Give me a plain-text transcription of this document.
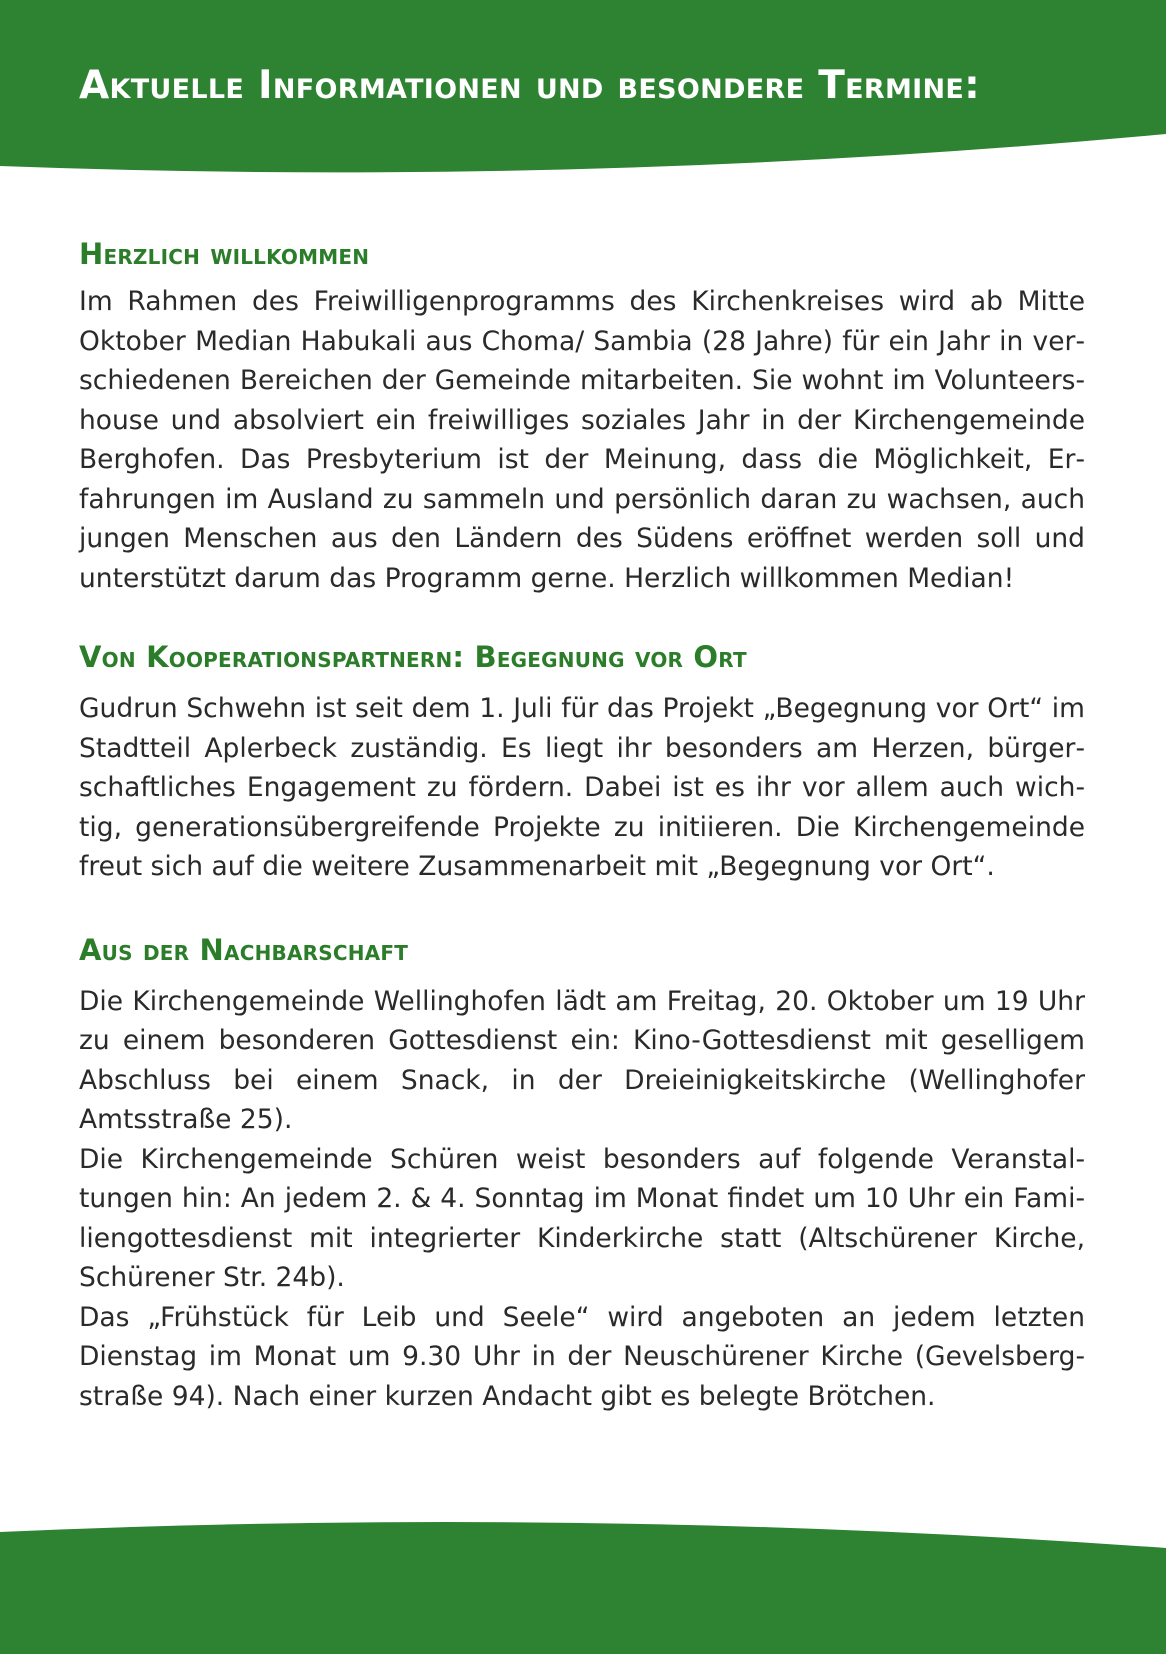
Aktuelle Informationen und besondere Termine:
Herzlich willkommen

Im Rahmen des Freiwilligenprogramms des Kirchenkreises wird ab Mitte Oktober Median Habukali aus Choma/ Sambia (28 Jahre) für ein Jahr in verschiedenen Bereichen der Gemeinde mitarbeiten. Sie wohnt im Volunteershouse und absolviert ein freiwilliges soziales Jahr in der Kirchengemeinde Berghofen. Das Presbyterium ist der Meinung, dass die Möglichkeit, Erfahrungen im Ausland zu sammeln und persönlich daran zu wachsen, auch jungen Menschen aus den Ländern des Südens eröffnet werden soll und unterstützt darum das Programm gerne. Herzlich willkommen Median!

Von Kooperationspartnern: Begegnung vor Ort

Gudrun Schwehn ist seit dem 1. Juli für das Projekt „Begegnung vor Ort“ im Stadtteil Aplerbeck zuständig. Es liegt ihr besonders am Herzen, bürgerschaftliches Engagement zu fördern. Dabei ist es ihr vor allem auch wichtig, generationsübergreifende Projekte zu initiieren. Die Kirchengemeinde freut sich auf die weitere Zusammenarbeit mit „Begegnung vor Ort“.

Aus der Nachbarschaft

Die Kirchengemeinde Wellinghofen lädt am Freitag, 20. Oktober um 19 Uhr zu einem besonderen Gottesdienst ein: Kino-Gottesdienst mit geselligem Abschluss bei einem Snack, in der Dreieinigkeitskirche (Wellinghofer Amtsstraße 25).

Die Kirchengemeinde Schüren weist besonders auf folgende Veranstaltungen hin: An jedem 2. & 4. Sonntag im Monat findet um 10 Uhr ein Familiengottesdienst mit integrierter Kinderkirche statt (Altschürener Kirche, Schürener Str. 24b).

Das „Frühstück für Leib und Seele“ wird angeboten an jedem letzten Dienstag im Monat um 9.30 Uhr in der Neuschürener Kirche (Gevelsbergstraße 94). Nach einer kurzen Andacht gibt es belegte Brötchen.
